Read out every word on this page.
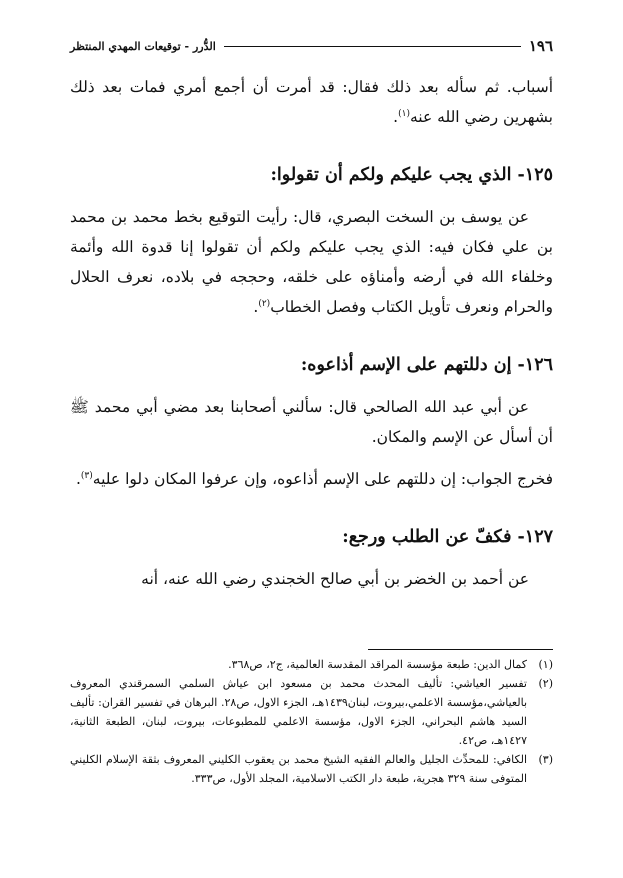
١٩٦
الدُّرر - توقيعات المهدي المنتظر

أسباب. ثم سأله بعد ذلك فقال: قد أمرت أن أجمع أمري فمات بعد ذلك بشهرين رضي الله عنه$^{(١)}$.

١٢٥- الذي يجب عليكم ولكم أن تقولوا:

عن يوسف بن السخت البصري، قال: رأيت التوقيع بخط محمد بن محمد بن علي فكان فيه: الذي يجب عليكم ولكم أن تقولوا إنا قدوة الله وأئمة وخلفاء الله في أرضه وأمناؤه على خلقه، وحججه في بلاده، نعرف الحلال والحرام ونعرف تأويل الكتاب وفصل الخطاب$^{(٢)}$.

١٢٦- إن دللتهم على الإسم أذاعوه:

عن أبي عبد الله الصالحي قال: سألني أصحابنا بعد مضي أبي محمد ﷺ أن أسأل عن الإسم والمكان.

فخرج الجواب: إن دللتهم على الإسم أذاعوه، وإن عرفوا المكان دلوا عليه$^{(٣)}$.

١٢٧- فكفّ عن الطلب ورجع:

عن أحمد بن الخضر بن أبي صالح الخجندي رضي الله عنه، أنه

(١)
كمال الدين: طبعة مؤسسة المراقد المقدسة العالمية، ج٢، ص٣٦٨.
(٢)
تفسير العياشي: تأليف المحدث محمد بن مسعود ابن عياش السلمي السمرقندي المعروف بالعياشي،مؤسسة الاعلمي،بيروت، لبنان١٤٣٩هـ، الجزء الاول، ص٢٨. البرهان في تفسير القران: تأليف السيد هاشم البحراني، الجزء الاول، مؤسسة الاعلمي للمطبوعات، بيروت، لبنان، الطبعة الثانية، ١٤٢٧هـ، ص٤٢.
(٣)
الكافي: للمحدِّث الجليل والعالم الفقيه الشيخ محمد بن يعقوب الكليني المعروف بثقة الإسلام الكليني المتوفى سنة ٣٢٩ هجرية، طبعة دار الكتب الاسلامية، المجلد الأول، ص٣٣٣.
